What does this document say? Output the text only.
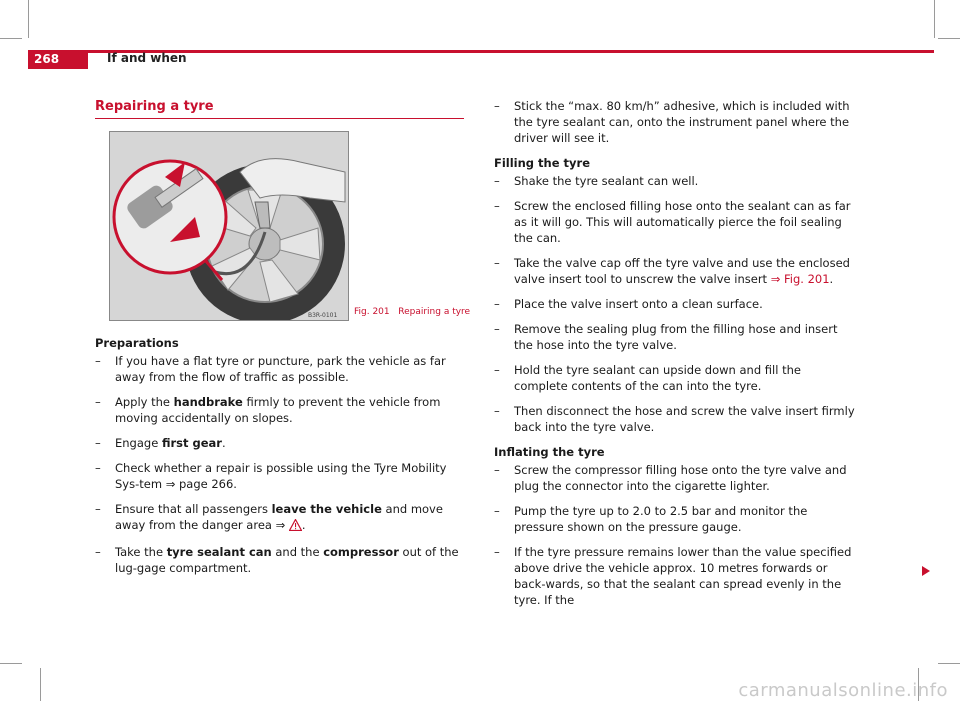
268	If and when
Repairing a tyre
B3R-0101 Fig. 201 Repairing a tyre
Preparations
–	If you have a flat tyre or puncture, park the vehicle as far away from the flow of traffic as possible.
–	Apply the handbrake firmly to prevent the vehicle from moving accidentally on slopes.
–	Engage first gear.
–	Check whether a repair is possible using the Tyre Mobility Sys-tem ⇒ page 266.
–	Ensure that all passengers leave the vehicle and move away from the danger area ⇒ .
–	Take the tyre sealant can and the compressor out of the lug-gage compartment.
–	Stick the “max. 80 km/h” adhesive, which is included with the tyre sealant can, onto the instrument panel where the driver will see it.
Filling the tyre
–	Shake the tyre sealant can well.
–	Screw the enclosed filling hose onto the sealant can as far as it will go. This will automatically pierce the foil sealing the can.
–	Take the valve cap off the tyre valve and use the enclosed valve insert tool to unscrew the valve insert ⇒ Fig. 201.
–	Place the valve insert onto a clean surface.
–	Remove the sealing plug from the filling hose and insert the hose into the tyre valve.
–	Hold the tyre sealant can upside down and fill the complete contents of the can into the tyre.
–	Then disconnect the hose and screw the valve insert firmly back into the tyre valve.
Inflating the tyre
–	Screw the compressor filling hose onto the tyre valve and plug the connector into the cigarette lighter.
–	Pump the tyre up to 2.0 to 2.5 bar and monitor the pressure shown on the pressure gauge.
–	If the tyre pressure remains lower than the value specified above drive the vehicle approx. 10 metres forwards or back-wards, so that the sealant can spread evenly in the tyre. If the
carmanualsonline.info
